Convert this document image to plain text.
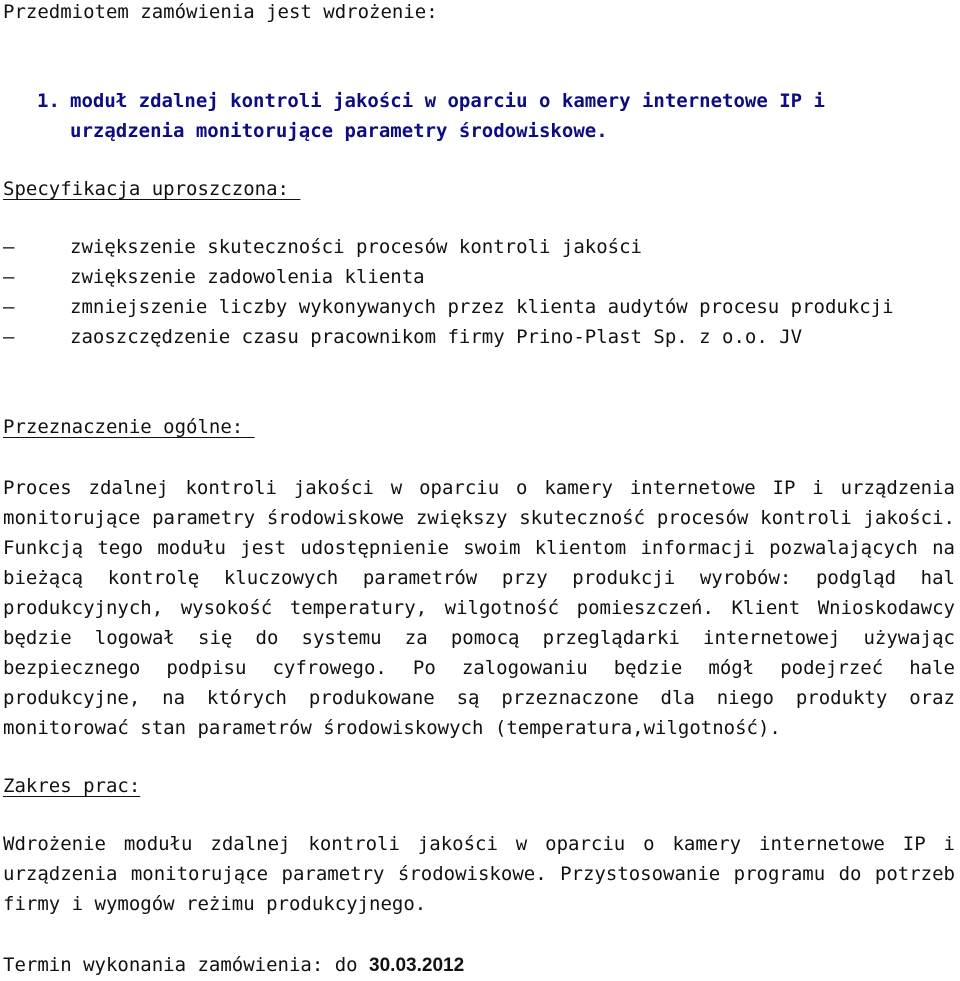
Przedmiotem zamówienia jest wdrożenie:
1. moduł zdalnej kontroli jakości w oparciu o kamery internetowe IP i urządzenia monitorujące parametry środowiskowe.
Specyfikacja uproszczona:
–	zwiększenie skuteczności procesów kontroli jakości
–	zwiększenie zadowolenia klienta
–	zmniejszenie liczby wykonywanych przez klienta audytów procesu produkcji
–	zaoszczędzenie czasu pracownikom firmy Prino-Plast Sp. z o.o. JV
Przeznaczenie ogólne:

Proces zdalnej kontroli jakości w oparciu o kamery internetowe IP i urządzenia monitorujące parametry środowiskowe zwiększy skuteczność procesów kontroli jakości. Funkcją tego modułu jest udostępnienie swoim klientom informacji pozwalających na bieżącą kontrolę kluczowych parametrów przy produkcji wyrobów: podgląd hal produkcyjnych, wysokość temperatury, wilgotność pomieszczeń. Klient Wnioskodawcy będzie logował się do systemu za pomocą przeglądarki internetowej używając bezpiecznego podpisu cyfrowego. Po zalogowaniu będzie mógł podejrzeć hale produkcyjne, na których produkowane są przeznaczone dla niego produkty oraz monitorować stan parametrów środowiskowych (temperatura,wilgotność).

Zakres prac:

Wdrożenie modułu zdalnej kontroli jakości w oparciu o kamery internetowe IP i urządzenia monitorujące parametry środowiskowe. Przystosowanie programu do potrzeb firmy i wymogów reżimu produkcyjnego.

Termin wykonania zamówienia: do 30.03.2012
